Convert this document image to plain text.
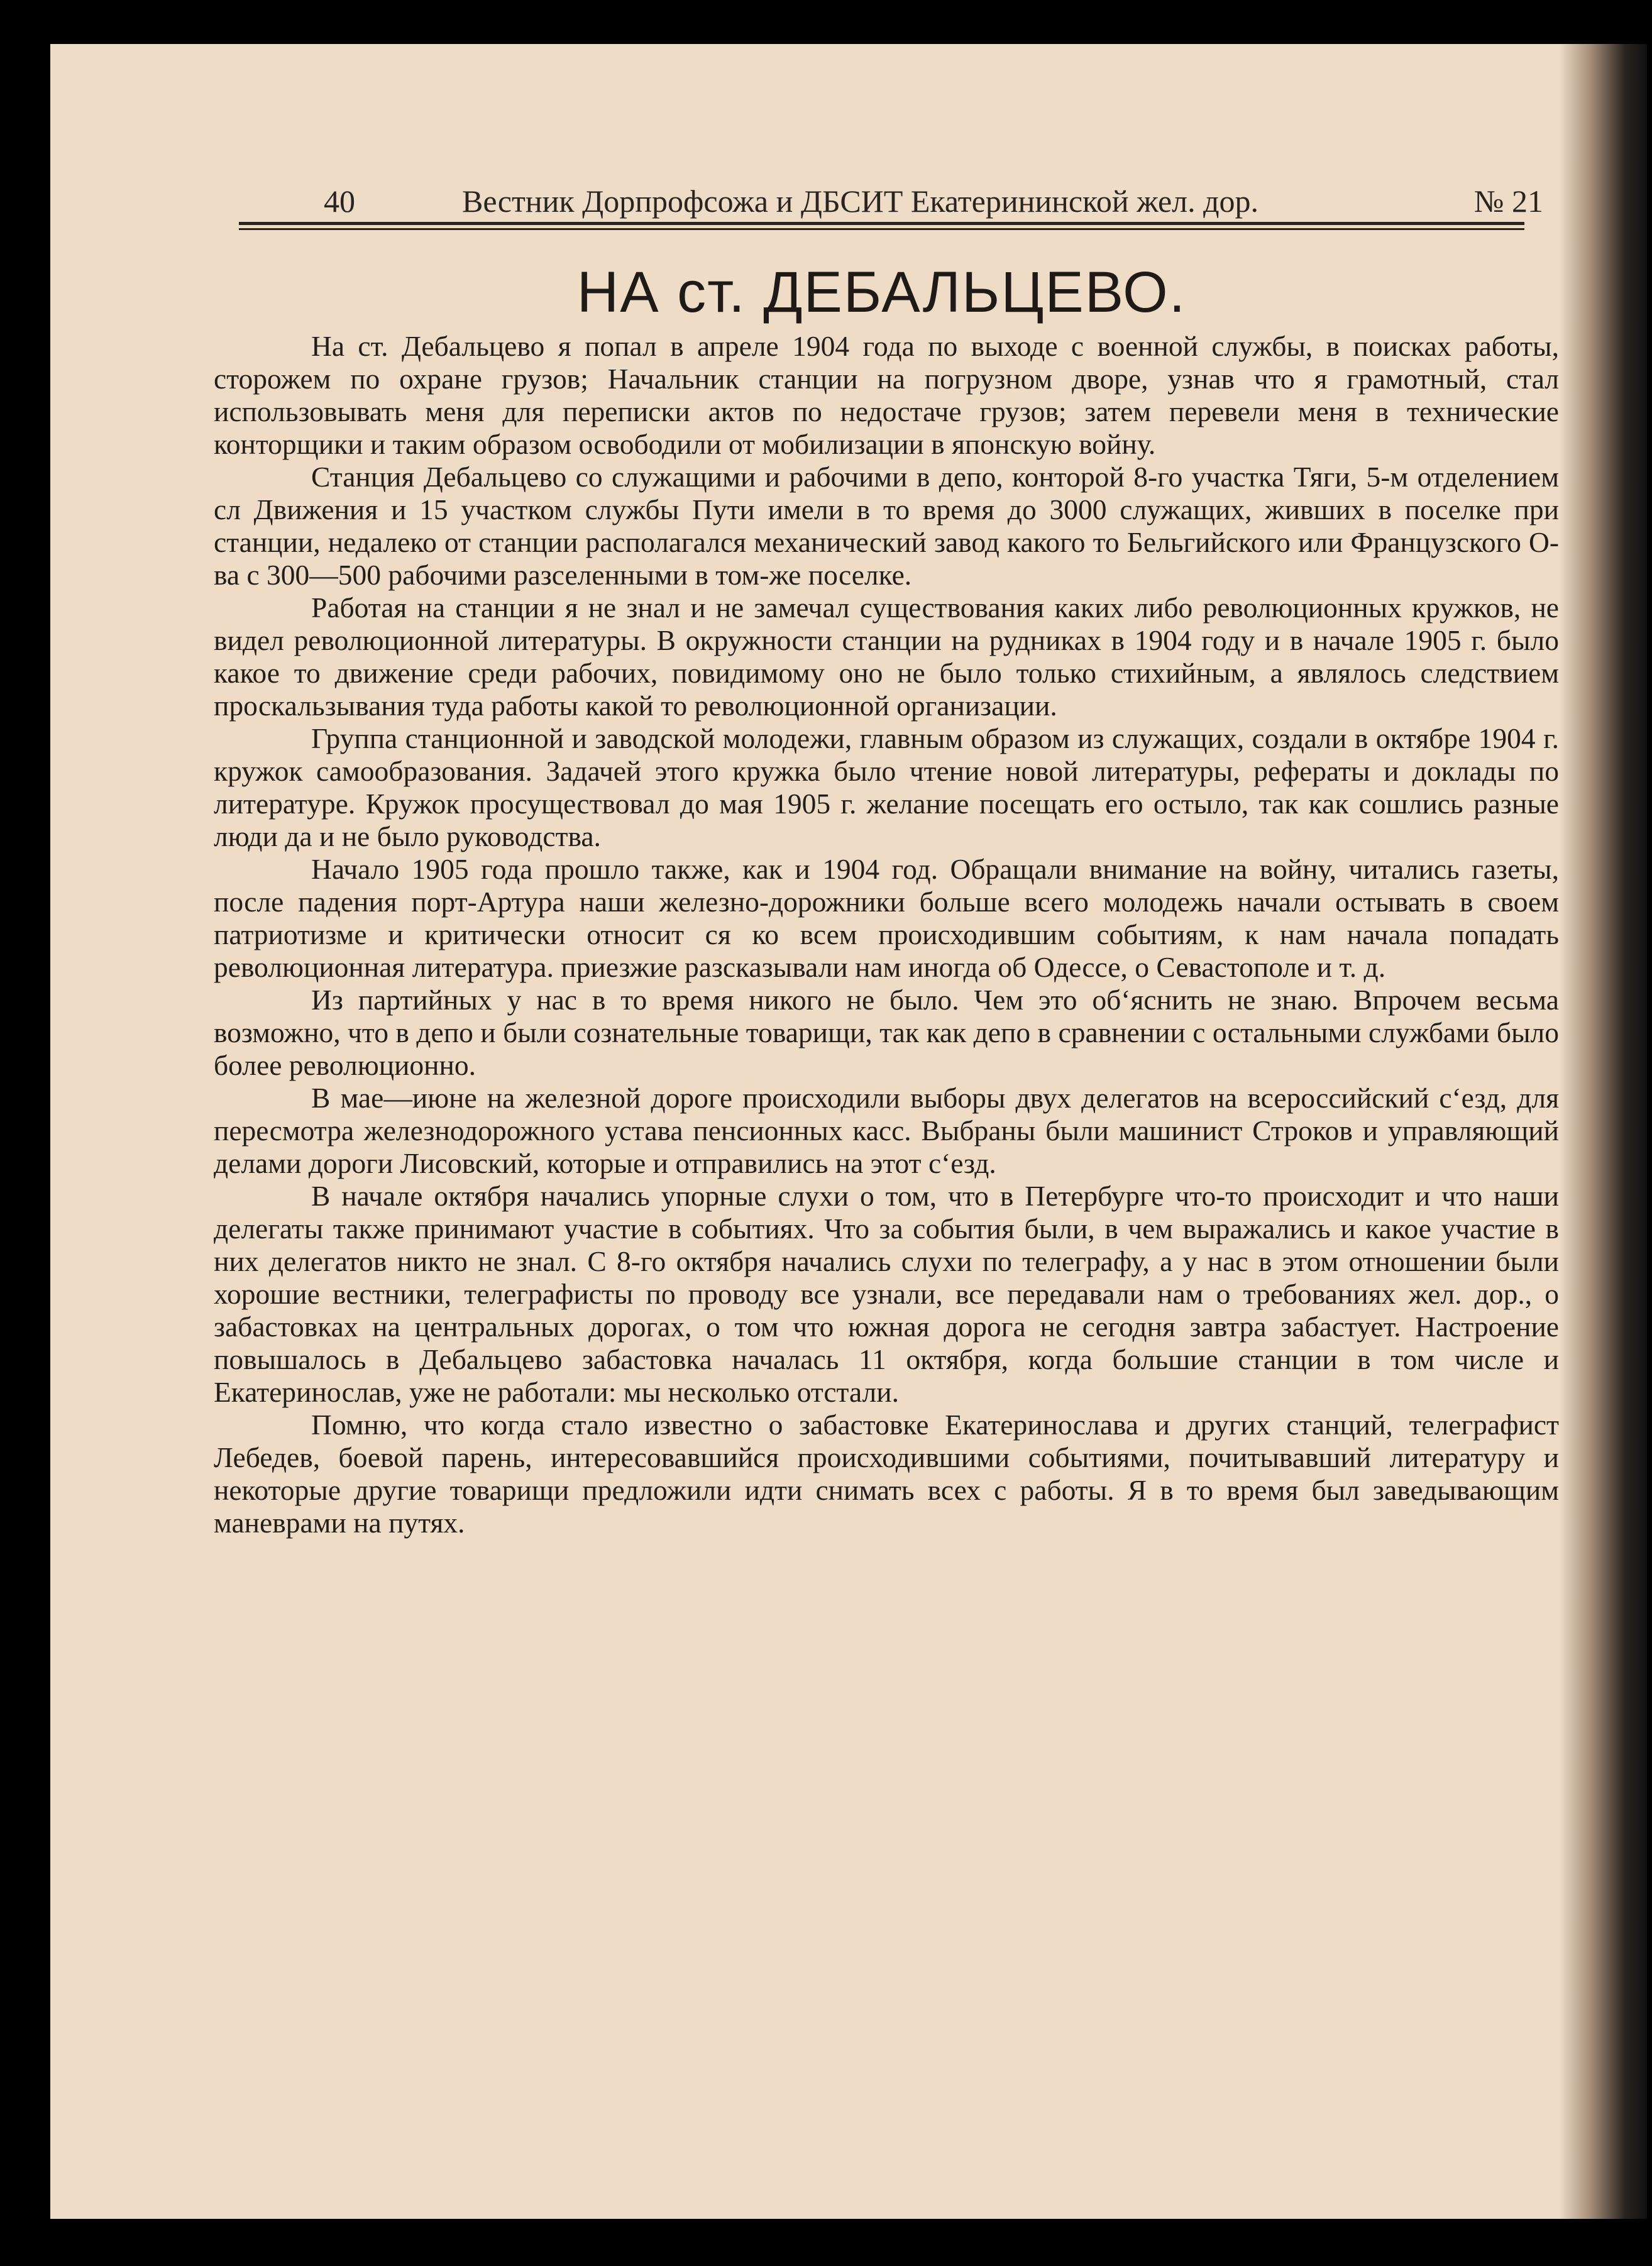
40	Вестник Дорпрофсожа и ДБСИТ Екатерининской жел. дор.	№ 21
НА ст. ДЕБАЛЬЦЕВО.

На ст. Дебальцево я попал в апреле 1904 года по выходе с военной службы, в поисках работы, сторожем по охране грузов; Начальник станции на погрузном дворе, узнав что я грамотный, стал использовывать меня для переписки актов по недостаче грузов; затем перевели меня в технические конторщики и таким образом освободили от мобилизации в японскую войну.

Станция Дебальцево со служащими и рабочими в депо, конторой 8-го участка Тяги, 5-м отделением сл Движения и 15 участком службы Пути имели в то время до 3000 служащих, живших в поселке при станции, недалеко от станции располагался механический завод какого то Бельгийского или Французского О-ва с 300—500 рабочими разселенными в том-же поселке.

Работая на станции я не знал и не замечал существования каких либо революционных кружков, не видел революционной литературы. В окружности станции на рудниках в 1904 году и в начале 1905 г. было какое то движение среди рабочих, повидимому оно не было только стихийным, а являлось следствием проскальзывания туда работы какой то революционной организации.

Группа станционной и заводской молодежи, главным образом из служащих, создали в октябре 1904 г. кружок самообразования. Задачей этого кружка было чтение новой литературы, рефераты и доклады по литературе. Кружок просуществовал до мая 1905 г. желание посещать его остыло, так как сошлись разные люди да и не было руководства.

Начало 1905 года прошло также, как и 1904 год. Обращали внимание на войну, читались газеты, после падения порт-Артура наши железно-дорожники больше всего молодежь начали остывать в своем патриотизме и критически относит ся ко всем происходившим событиям, к нам начала попадать революционная литература. приезжие разсказывали нам иногда об Одессе, о Севастополе и т. д.

Из партийных у нас в то время никого не было. Чем это об‘яснить не знаю. Впрочем весьма возможно, что в депо и были сознательные товарищи, так как депо в сравнении с остальными службами было более революционно.

В мае—июне на железной дороге происходили выборы двух делегатов на всероссийский с‘езд, для пересмотра железнодорожного устава пенсионных касс. Выбраны были машинист Строков и управляющий делами дороги Лисовский, которые и отправились на этот с‘езд.

В начале октября начались упорные слухи о том, что в Петербурге что-то происходит и что наши делегаты также принимают участие в событиях. Что за события были, в чем выражались и какое участие в них делегатов никто не знал. С 8-го октября начались слухи по телеграфу, а у нас в этом отношении были хорошие вестники, телеграфисты по проводу все узнали, все передавали нам о требованиях жел. дор., о забастовках на центральных дорогах, о том что южная дорога не сегодня завтра забастует. Настроение повышалось в Дебальцево забастовка началась 11 октября, когда большие станции в том числе и Екатеринослав, уже не работали: мы несколько отстали.

Помню, что когда стало известно о забастовке Екатеринослава и других станций, телеграфист Лебедев, боевой парень, интересовавшийся происходившими событиями, почитывавший литературу и некоторые другие товарищи предложили идти снимать всех с работы. Я в то время был заведывающим маневрами на путях.
